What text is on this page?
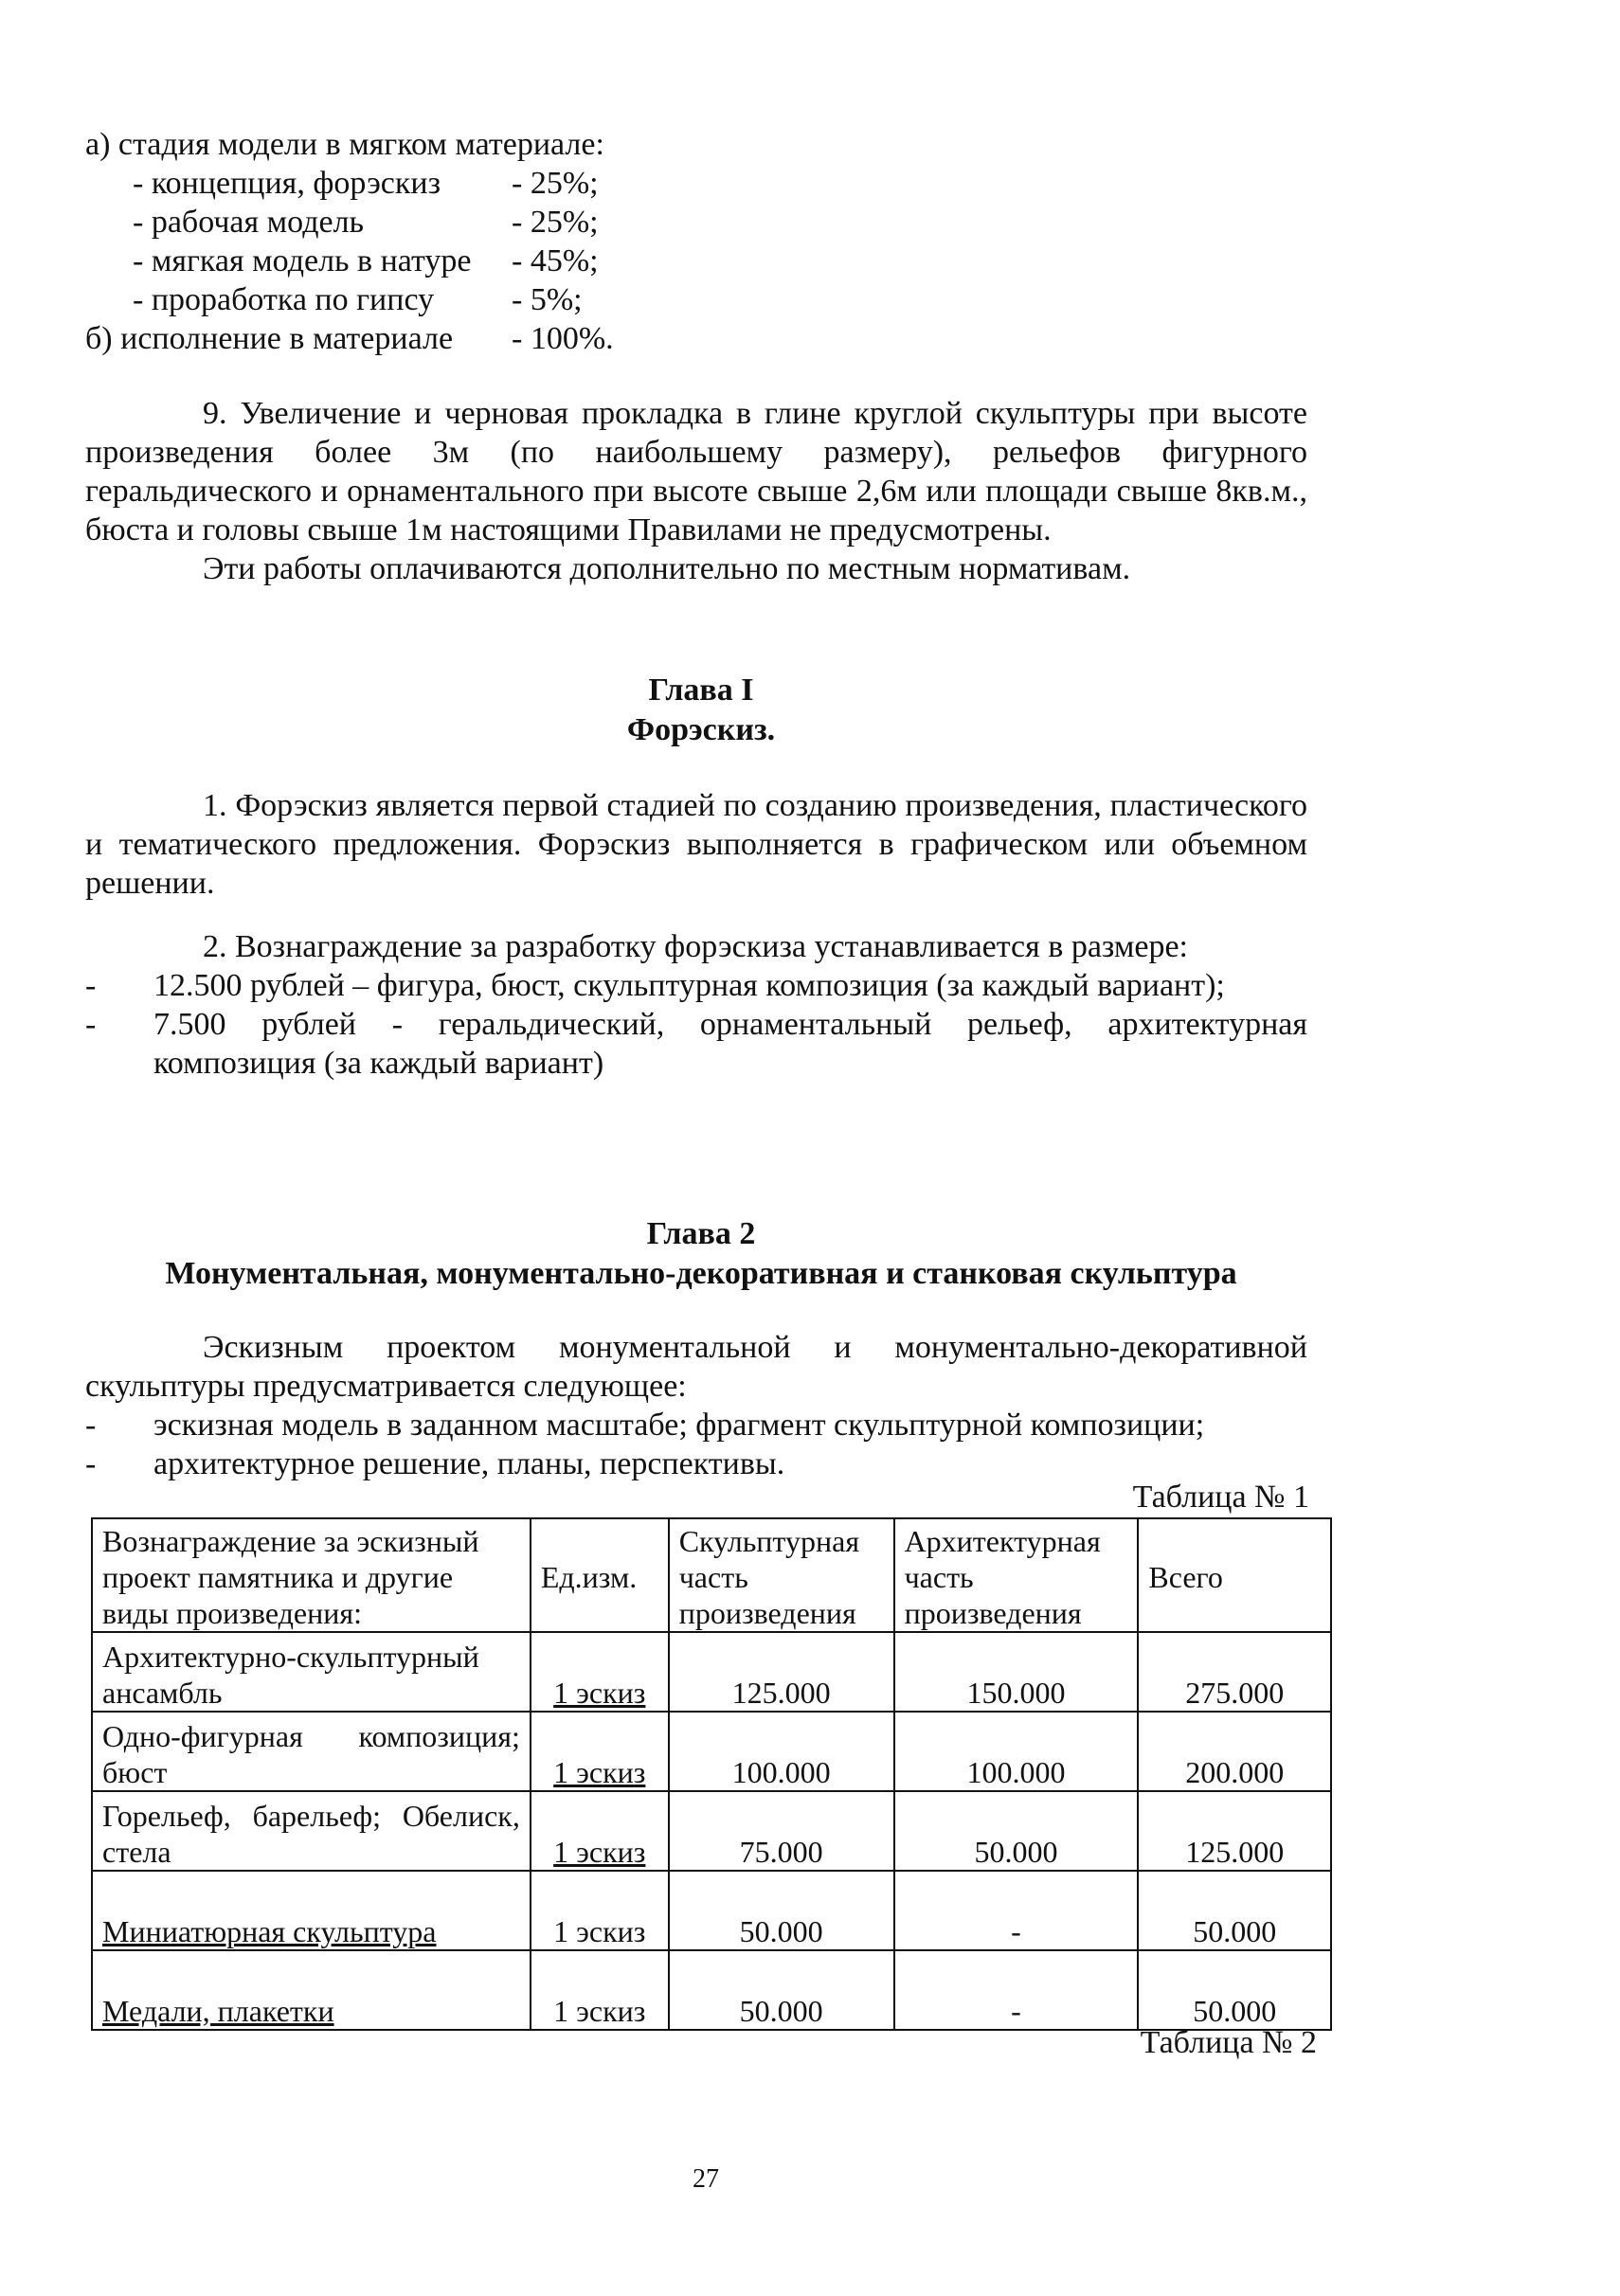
а) стадия модели в мягком материале:
- концепция, форэскиз - 25%;
- рабочая модель	- 25%;
- мягкая модель в натуре - 45%;
- проработка по гипсу - 5%;
б) исполнение в материале - 100%.

9. Увеличение и черновая прокладка в глине круглой скульптуры при высоте произведения более 3м (по наибольшему размеру), рельефов фигурного геральдического и орнаментального при высоте свыше 2,6м или площади свыше 8кв.м., бюста и головы свыше 1м настоящими Правилами не предусмотрены.

Эти работы оплачиваются дополнительно по местным нормативам.

Глава I
Форэскиз.

1. Форэскиз является первой стадией по созданию произведения, пластического и тематического предложения. Форэскиз выполняется в графическом или объемном решении.

2. Вознаграждение за разработку форэскиза устанавливается в размере:

- 12.500 рублей – фигура, бюст, скульптурная композиция (за каждый вариант);

- 7.500 рублей - геральдический, орнаментальный рельеф, архитектурная композиция (за каждый вариант)

Глава 2
Монументальная, монументально-декоративная и станковая скульптура

Эскизным проектом монументальной и монументально-декоративной скульптуры предусматривается следующее:

- эскизная модель в заданном масштабе; фрагмент скульптурной композиции;

- архитектурное решение, планы, перспективы.

Таблица № 1
Вознаграждение за эскизный проект памятника и другие виды произведения:	Ед.изм.	Скульптурная часть произведения	Архитектурная часть произведения	Всего
Архитектурно-скульптурный ансамбль	1 эскиз	125.000	150.000	275.000
Одно-фигурная композиция; бюст	1 эскиз	100.000	100.000	200.000
Горельеф, барельеф; Обелиск, стела	1 эскиз	75.000	50.000	125.000
Миниатюрная скульптура	1 эскиз	50.000	-	50.000
Медали, плакетки	1 эскиз	50.000	-	50.000
Таблица № 2
27
